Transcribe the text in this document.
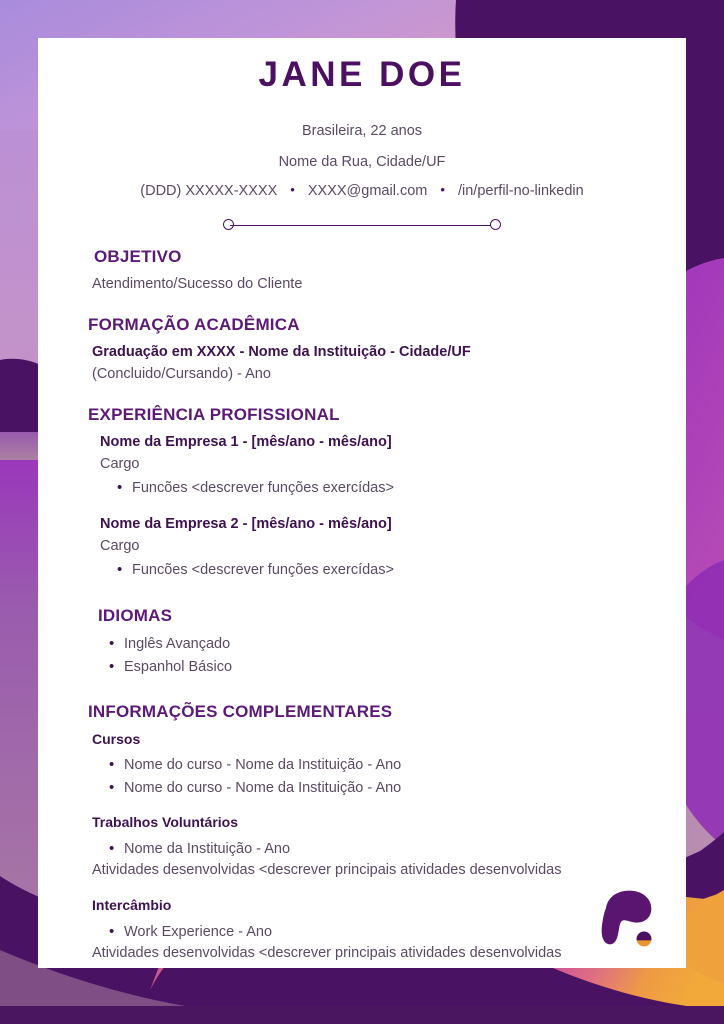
JANE DOE
Brasileira, 22 anos
Nome da Rua, Cidade/UF
(DDD) XXXXX-XXXX • XXXX@gmail.com • /in/perfil-no-linkedin
OBJETIVO

Atendimento/Sucesso do Cliente

FORMAÇÃO ACADÊMICA

Graduação em XXXX - Nome da Instituição - Cidade/UF

(Concluido/Cursando) - Ano

EXPERIÊNCIA PROFISSIONAL

Nome da Empresa 1 - [mês/ano - mês/ano]

Cargo

• Funcões <descrever funções exercídas>

Nome da Empresa 2 - [mês/ano - mês/ano]

Cargo

• Funcões <descrever funções exercídas>
IDIOMAS
• Inglês Avançado
• Espanhol Básico
INFORMAÇÕES COMPLEMENTARES

Cursos

• Nome do curso - Nome da Instituição - Ano
• Nome do curso - Nome da Instituição - Ano

Trabalhos Voluntários

• Nome da Instituição - Ano

Atividades desenvolvidas <descrever principais atividades desenvolvidas

Intercâmbio

• Work Experience - Ano

Atividades desenvolvidas <descrever principais atividades desenvolvidas
